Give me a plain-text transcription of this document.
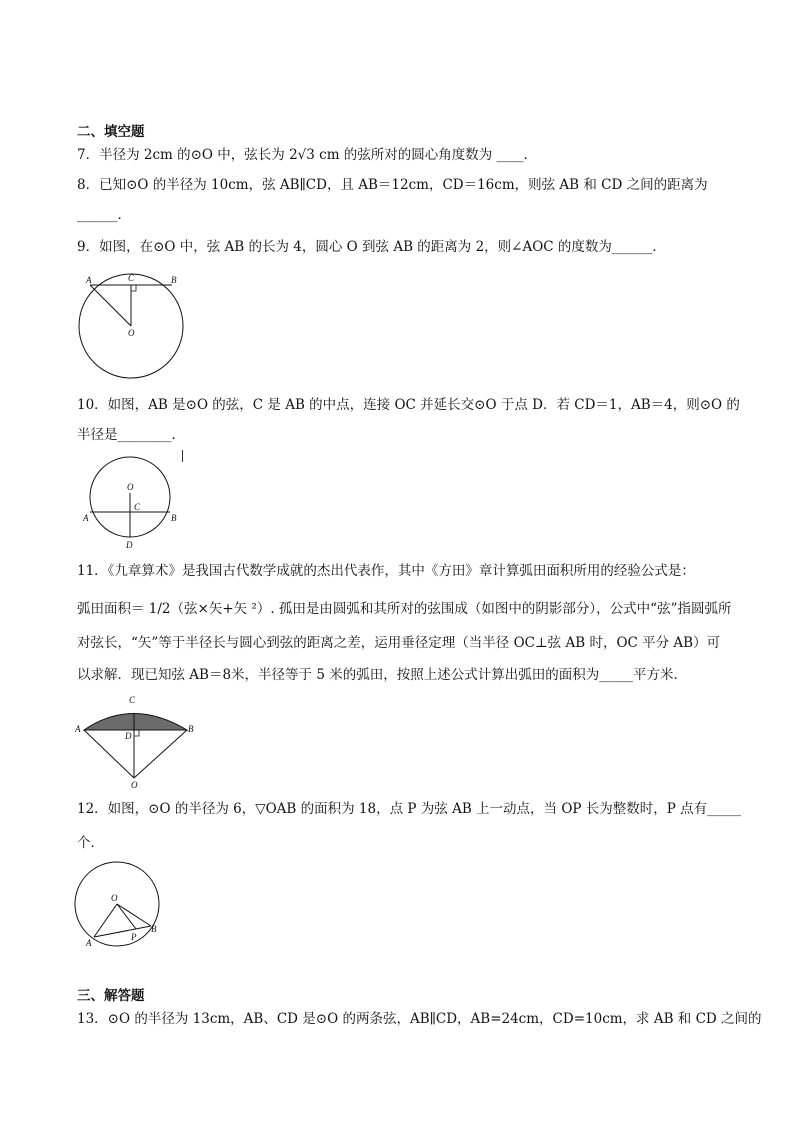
二、填空题
7．半径为 2cm 的⊙O 中，弦长为 2√3 cm 的弦所对的圆心角度数为 ____．
8．已知⊙O 的半径为 10cm，弦 AB∥CD，且 AB＝12cm，CD＝16cm，则弦 AB 和 CD 之间的距离为
______．
9．如图，在⊙O 中，弦 AB 的长为 4，圆心 O 到弦 AB 的距离为 2，则∠AOC 的度数为______．
A	C	B
O
10．如图，AB 是⊙O 的弦，C 是 AB 的中点，连接 OC 并延长交⊙O 于点 D．若 CD＝1，AB＝4，则⊙O 的
半径是________．
O
C
A	B
D
11．《九章算术》是我国古代数学成就的杰出代表作，其中《方田》章计算弧田面积所用的经验公式是：
弧田面积＝ 1/2（弦×矢+矢 ²）. 孤田是由圆弧和其所对的弦围成（如图中的阴影部分），公式中“弦”指圆弧所
对弦长，“矢”等于半径长与圆心到弦的距离之差，运用垂径定理（当半径 OC⊥弦 AB 时，OC 平分 AB）可
以求解．现已知弦 AB＝8米，半径等于 5 米的弧田，按照上述公式计算出弧田的面积为_____平方米．
C
A
D
B
O
12．如图，⊙O 的半径为 6，▽OAB 的面积为 18，点 P 为弦 AB 上一动点，当 OP 长为整数时，P 点有_____
个．
O
A
P
B
三、解答题
13．⊙O 的半径为 13cm，AB、CD 是⊙O 的两条弦，AB∥CD，AB=24cm，CD=10cm，求 AB 和 CD 之间的
